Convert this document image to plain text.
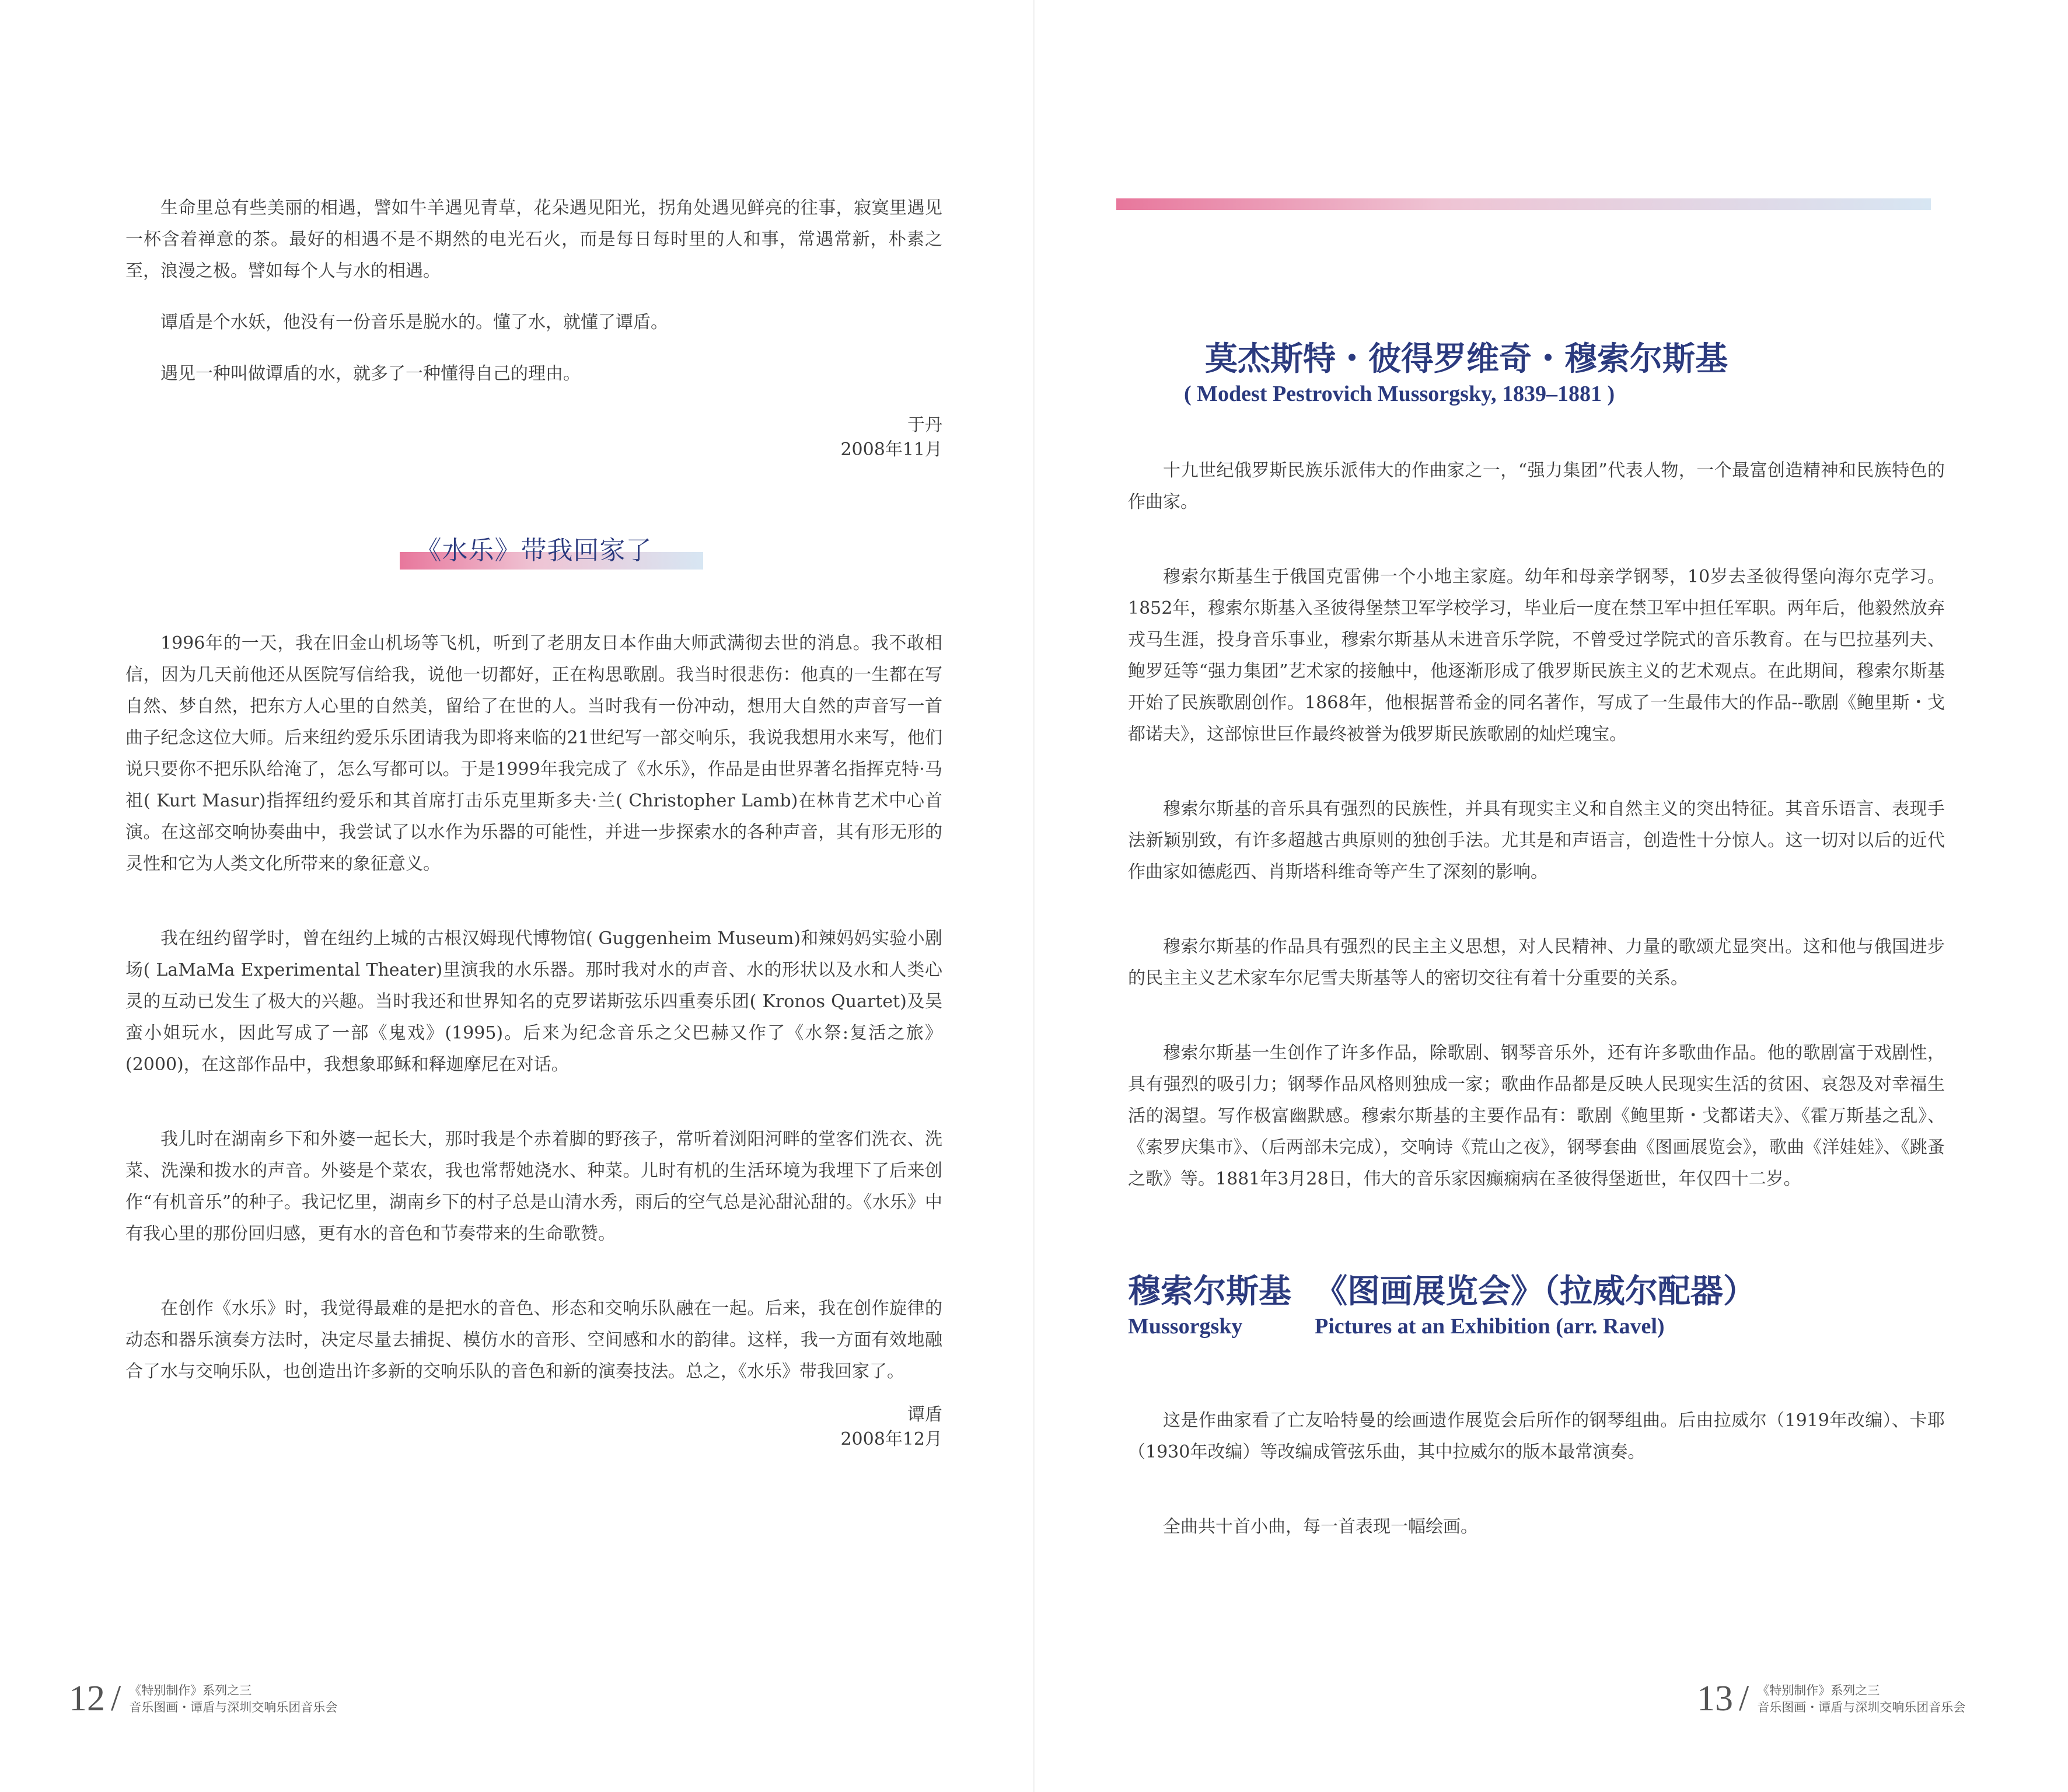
生命里总有些美丽的相遇，譬如牛羊遇见青草，花朵遇见阳光，拐角处遇见鲜亮的往事，寂寞里遇见一杯含着禅意的茶。最好的相遇不是不期然的电光石火，而是每日每时里的人和事，常遇常新，朴素之至，浪漫之极。譬如每个人与水的相遇。

谭盾是个水妖，他没有一份音乐是脱水的。懂了水，就懂了谭盾。

遇见一种叫做谭盾的水，就多了一种懂得自己的理由。

于丹

2008年11月

《水乐》带我回家了

1996年的一天，我在旧金山机场等飞机，听到了老朋友日本作曲大师武满彻去世的消息。我不敢相信，因为几天前他还从医院写信给我，说他一切都好，正在构思歌剧。我当时很悲伤：他真的一生都在写自然、梦自然，把东方人心里的自然美，留给了在世的人。当时我有一份冲动，想用大自然的声音写一首曲子纪念这位大师。后来纽约爱乐乐团请我为即将来临的21世纪写一部交响乐，我说我想用水来写，他们说只要你不把乐队给淹了，怎么写都可以。于是1999年我完成了《水乐》，作品是由世界著名指挥克特·马祖( Kurt Masur)指挥纽约爱乐和其首席打击乐克里斯多夫·兰( Christopher Lamb)在林肯艺术中心首演。在这部交响协奏曲中，我尝试了以水作为乐器的可能性，并进一步探索水的各种声音，其有形无形的灵性和它为人类文化所带来的象征意义。

我在纽约留学时，曾在纽约上城的古根汉姆现代博物馆( Guggenheim Museum)和辣妈妈实验小剧场( LaMaMa Experimental Theater)里演我的水乐器。那时我对水的声音、水的形状以及水和人类心灵的互动已发生了极大的兴趣。当时我还和世界知名的克罗诺斯弦乐四重奏乐团( Kronos Quartet)及吴蛮小姐玩水，因此写成了一部《鬼戏》(1995)。后来为纪念音乐之父巴赫又作了《水祭:复活之旅》(2000)，在这部作品中，我想象耶稣和释迦摩尼在对话。

我儿时在湖南乡下和外婆一起长大，那时我是个赤着脚的野孩子，常听着浏阳河畔的堂客们洗衣、洗菜、洗澡和拨水的声音。外婆是个菜农，我也常帮她浇水、种菜。儿时有机的生活环境为我埋下了后来创作“有机音乐”的种子。我记忆里，湖南乡下的村子总是山清水秀，雨后的空气总是沁甜沁甜的。《水乐》中有我心里的那份回归感，更有水的音色和节奏带来的生命歌赞。

在创作《水乐》时，我觉得最难的是把水的音色、形态和交响乐队融在一起。后来，我在创作旋律的动态和器乐演奏方法时，决定尽量去捕捉、模仿水的音形、空间感和水的韵律。这样，我一方面有效地融合了水与交响乐队，也创造出许多新的交响乐队的音色和新的演奏技法。总之，《水乐》带我回家了。

谭盾

2008年12月

12 / 《特别制作》系列之三
音乐图画・谭盾与深圳交响乐团音乐会

莫杰斯特・彼得罗维奇・穆索尔斯基

( Modest Pestrovich Mussorgsky, 1839–1881 )

十九世纪俄罗斯民族乐派伟大的作曲家之一，“强力集团”代表人物，一个最富创造精神和民族特色的作曲家。

穆索尔斯基生于俄国克雷佛一个小地主家庭。幼年和母亲学钢琴，10岁去圣彼得堡向海尔克学习。1852年，穆索尔斯基入圣彼得堡禁卫军学校学习，毕业后一度在禁卫军中担任军职。两年后，他毅然放弃戎马生涯，投身音乐事业，穆索尔斯基从未进音乐学院，不曾受过学院式的音乐教育。在与巴拉基列夫、鲍罗廷等“强力集团”艺术家的接触中，他逐渐形成了俄罗斯民族主义的艺术观点。在此期间，穆索尔斯基开始了民族歌剧创作。1868年，他根据普希金的同名著作，写成了一生最伟大的作品--歌剧《鲍里斯・戈都诺夫》，这部惊世巨作最终被誉为俄罗斯民族歌剧的灿烂瑰宝。

穆索尔斯基的音乐具有强烈的民族性，并具有现实主义和自然主义的突出特征。其音乐语言、表现手法新颖别致，有许多超越古典原则的独创手法。尤其是和声语言，创造性十分惊人。这一切对以后的近代作曲家如德彪西、肖斯塔科维奇等产生了深刻的影响。

穆索尔斯基的作品具有强烈的民主主义思想，对人民精神、力量的歌颂尤显突出。这和他与俄国进步的民主主义艺术家车尔尼雪夫斯基等人的密切交往有着十分重要的关系。

穆索尔斯基一生创作了许多作品，除歌剧、钢琴音乐外，还有许多歌曲作品。他的歌剧富于戏剧性，具有强烈的吸引力；钢琴作品风格则独成一家；歌曲作品都是反映人民现实生活的贫困、哀怨及对幸福生活的渴望。写作极富幽默感。穆索尔斯基的主要作品有：歌剧《鲍里斯・戈都诺夫》、《霍万斯基之乱》、《索罗庆集市》、（后两部未完成），交响诗《荒山之夜》，钢琴套曲《图画展览会》，歌曲《洋娃娃》、《跳蚤之歌》等。1881年3月28日，伟大的音乐家因癫痫病在圣彼得堡逝世，年仅四十二岁。

穆索尔斯基 《图画展览会》（拉威尔配器）
Mussorgsky	Pictures at an Exhibition (arr. Ravel)

这是作曲家看了亡友哈特曼的绘画遗作展览会后所作的钢琴组曲。后由拉威尔（1919年改编）、卡耶（1930年改编）等改编成管弦乐曲，其中拉威尔的版本最常演奏。

全曲共十首小曲，每一首表现一幅绘画。

13 / 《特别制作》系列之三
音乐图画・谭盾与深圳交响乐团音乐会
